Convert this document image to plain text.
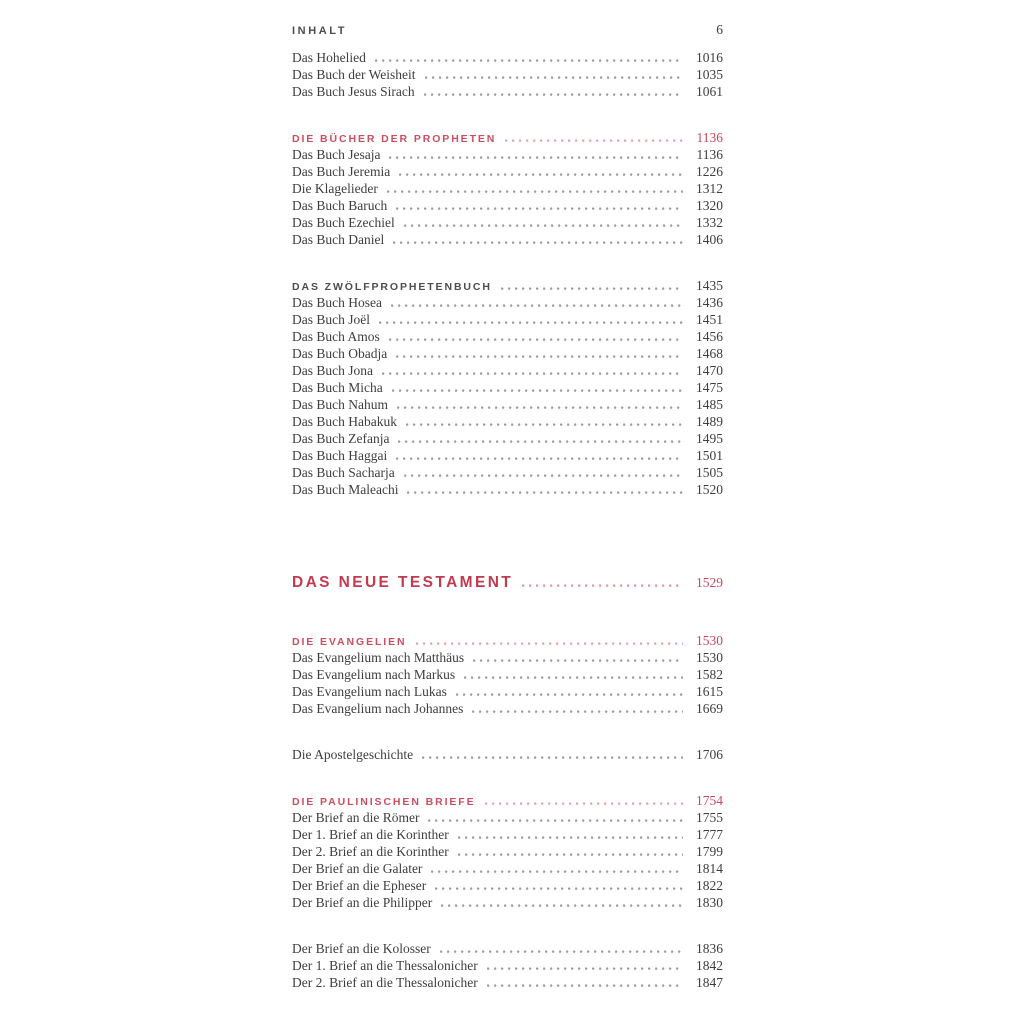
INHALT	6
Das Hohelied	1016
Das Buch der Weisheit	1035
Das Buch Jesus Sirach	1061
DIE BÜCHER DER PROPHETEN	1136
Das Buch Jesaja	1136
Das Buch Jeremia	1226
Die Klagelieder	1312
Das Buch Baruch	1320
Das Buch Ezechiel	1332
Das Buch Daniel	1406
DAS ZWÖLFPROPHETENBUCH	1435
Das Buch Hosea	1436
Das Buch Joël	1451
Das Buch Amos	1456
Das Buch Obadja	1468
Das Buch Jona	1470
Das Buch Micha	1475
Das Buch Nahum	1485
Das Buch Habakuk	1489
Das Buch Zefanja	1495
Das Buch Haggai	1501
Das Buch Sacharja	1505
Das Buch Maleachi	1520
DAS NEUE TESTAMENT	1529
DIE EVANGELIEN	1530
Das Evangelium nach Matthäus	1530
Das Evangelium nach Markus	1582
Das Evangelium nach Lukas	1615
Das Evangelium nach Johannes	1669
Die Apostelgeschichte	1706
DIE PAULINISCHEN BRIEFE	1754
Der Brief an die Römer	1755
Der 1. Brief an die Korinther	1777
Der 2. Brief an die Korinther	1799
Der Brief an die Galater	1814
Der Brief an die Epheser	1822
Der Brief an die Philipper	1830
Der Brief an die Kolosser	1836
Der 1. Brief an die Thessalonicher	1842
Der 2. Brief an die Thessalonicher	1847
